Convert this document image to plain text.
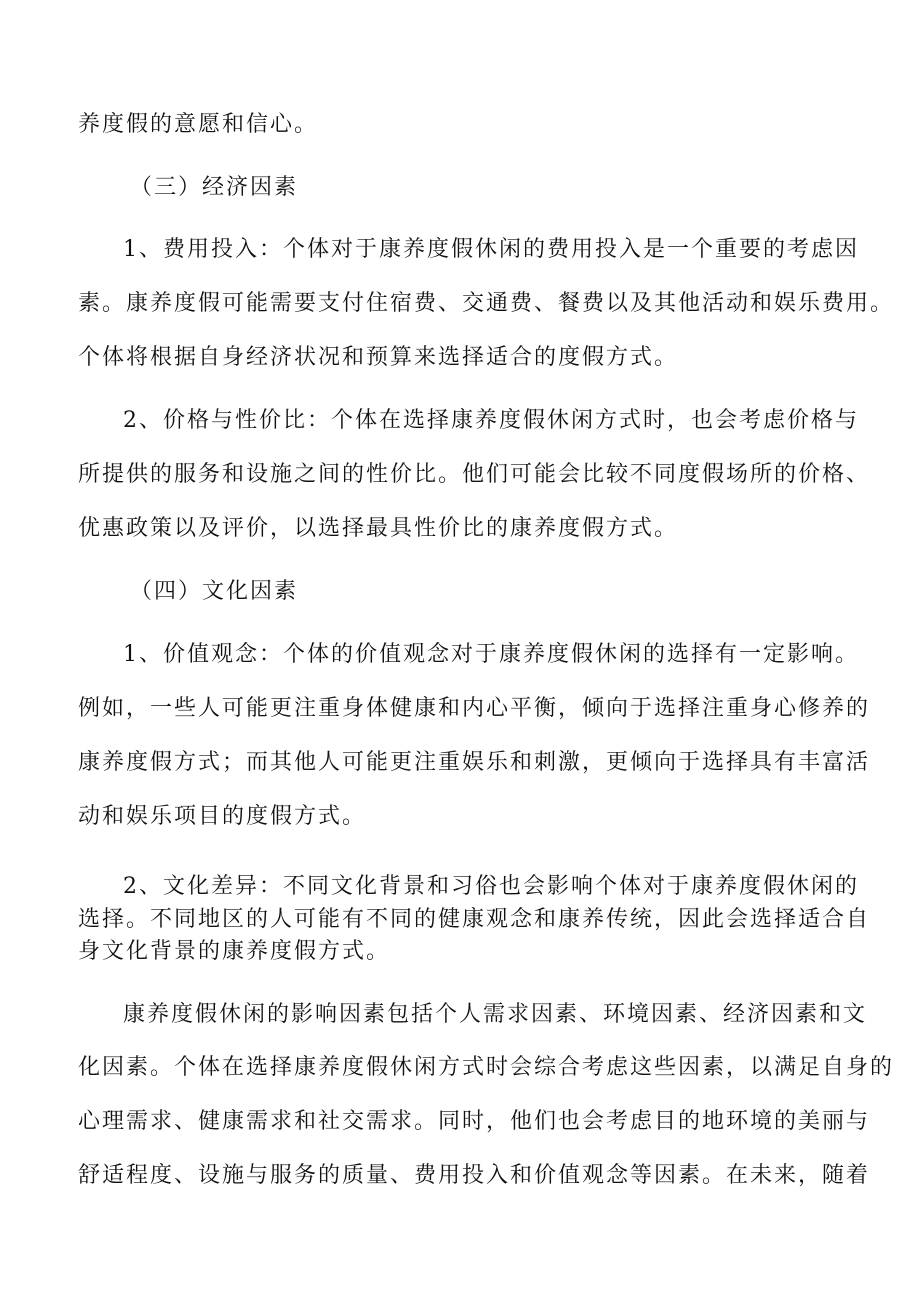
养度假的意愿和信心。
（三）经济因素
1、费用投入：个体对于康养度假休闲的费用投入是一个重要的考虑因
素。康养度假可能需要支付住宿费、交通费、餐费以及其他活动和娱乐费用。
个体将根据自身经济状况和预算来选择适合的度假方式。
2、价格与性价比：个体在选择康养度假休闲方式时，也会考虑价格与
所提供的服务和设施之间的性价比。他们可能会比较不同度假场所的价格、
优惠政策以及评价，以选择最具性价比的康养度假方式。
（四）文化因素
1、价值观念：个体的价值观念对于康养度假休闲的选择有一定影响。
例如，一些人可能更注重身体健康和内心平衡，倾向于选择注重身心修养的
康养度假方式；而其他人可能更注重娱乐和刺激，更倾向于选择具有丰富活
动和娱乐项目的度假方式。
2、文化差异：不同文化背景和习俗也会影响个体对于康养度假休闲的
选择。不同地区的人可能有不同的健康观念和康养传统，因此会选择适合自
身文化背景的康养度假方式。
康养度假休闲的影响因素包括个人需求因素、环境因素、经济因素和文
化因素。个体在选择康养度假休闲方式时会综合考虑这些因素，以满足自身的
心理需求、健康需求和社交需求。同时，他们也会考虑目的地环境的美丽与
舒适程度、设施与服务的质量、费用投入和价值观念等因素。在未来，随着
